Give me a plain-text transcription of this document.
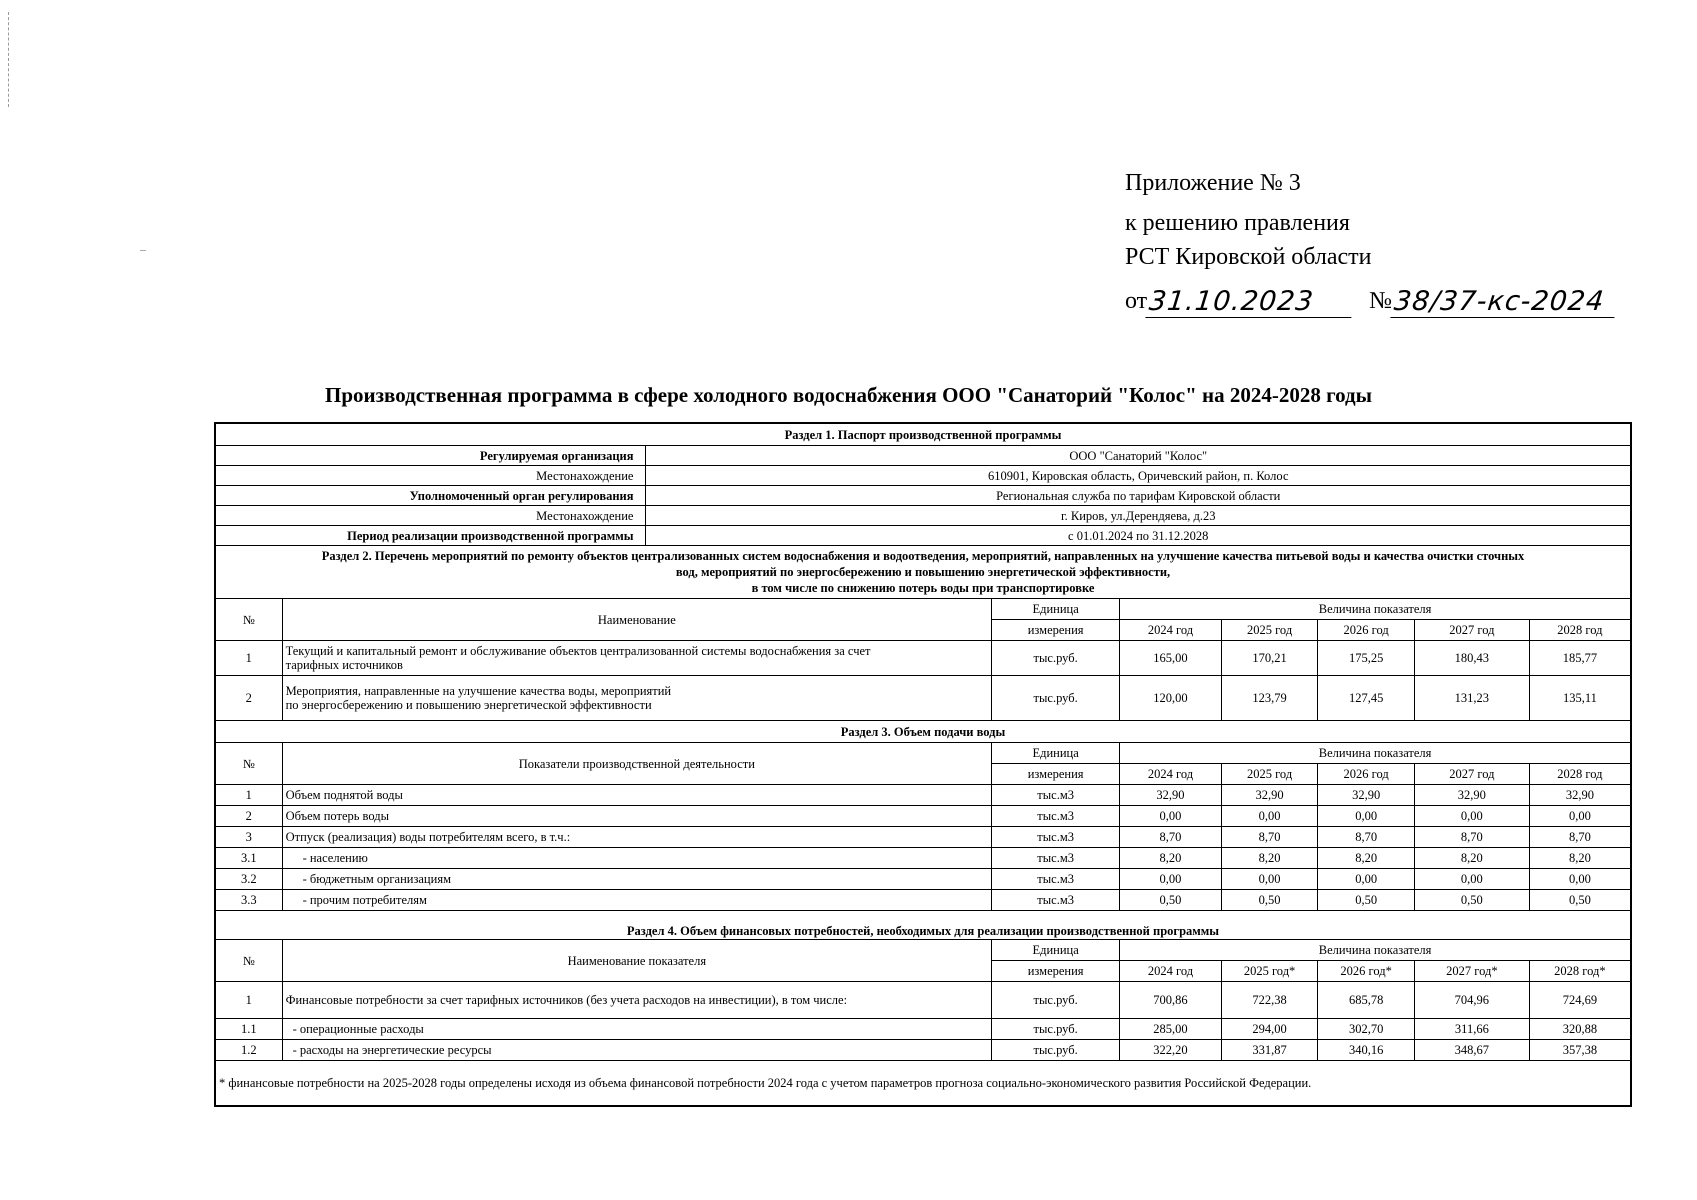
Приложение № 3
к решению правления
РСТ Кировской области
от 31.10.2023	№ 38/37-кс-2024
Производственная программа в сфере холодного водоснабжения ООО "Санаторий "Колос" на 2024-2028 годы
Раздел 1. Паспорт производственной программы								
Регулируемая организация		ООО "Санаторий "Колос"						
Местонахождение		610901, Кировская область, Оричевский район, п. Колос						
Уполномоченный орган регулирования		Региональная служба по тарифам Кировской области						
Местонахождение		г. Киров, ул.Дерендяева, д.23						
Период реализации производственной программы		с 01.01.2024 по 31.12.2028						

Раздел 2. Перечень мероприятий по ремонту объектов централизованных систем водоснабжения и водоотведения, мероприятий, направленных на улучшение качества питьевой воды и качества очистки сточных
вод, мероприятий по энергосбережению и повышению энергетической эффективности,
в том числе по снижению потерь воды при транспортировке								

№	Наименование		Единица	Величина показателя				
			измерения	2024 год	2025 год	2026 год	2027 год	2028 год
1	Текущий и капитальный ремонт и обслуживание объектов централизованной системы водоснабжения за счет
тарифных источников		тыс.руб.	165,00	170,21	175,25	180,43	185,77
2	Мероприятия, направленные на улучшение качества воды, мероприятий
по энергосбережению и повышению энергетической эффективности		тыс.руб.	120,00	123,79	127,45	131,23	135,11
Раздел 3. Объем подачи воды								
№	Показатели производственной деятельности		Единица	Величина показателя				
			измерения	2024 год	2025 год	2026 год	2027 год	2028 год
1	Объем поднятой воды		тыс.м3	32,90	32,90	32,90	32,90	32,90
2	Объем потерь воды		тыс.м3	0,00	0,00	0,00	0,00	0,00
3	Отпуск (реализация) воды потребителям всего, в т.ч.:		тыс.м3	8,70	8,70	8,70	8,70	8,70
3.1	- населению		тыс.м3	8,20	8,20	8,20	8,20	8,20
3.2	- бюджетным организациям		тыс.м3	0,00	0,00	0,00	0,00	0,00
3.3	- прочим потребителям		тыс.м3	0,50	0,50	0,50	0,50	0,50
Раздел 4. Объем финансовых потребностей, необходимых для реализации производственной программы								
№	Наименование показателя		Единица	Величина показателя				
			измерения	2024 год	2025 год*	2026 год*	2027 год*	2028 год*
1	Финансовые потребности за счет тарифных источников (без учета расходов на инвестиции), в том числе:		тыс.руб.	700,86	722,38	685,78	704,96	724,69
1.1	- операционные расходы		тыс.руб.	285,00	294,00	302,70	311,66	320,88
1.2	- расходы на энергетические ресурсы		тыс.руб.	322,20	331,87	340,16	348,67	357,38
* финансовые потребности на 2025-2028 годы определены исходя из объема финансовой потребности 2024 года с учетом параметров прогноза социально-экономического развития Российской Федерации.								
